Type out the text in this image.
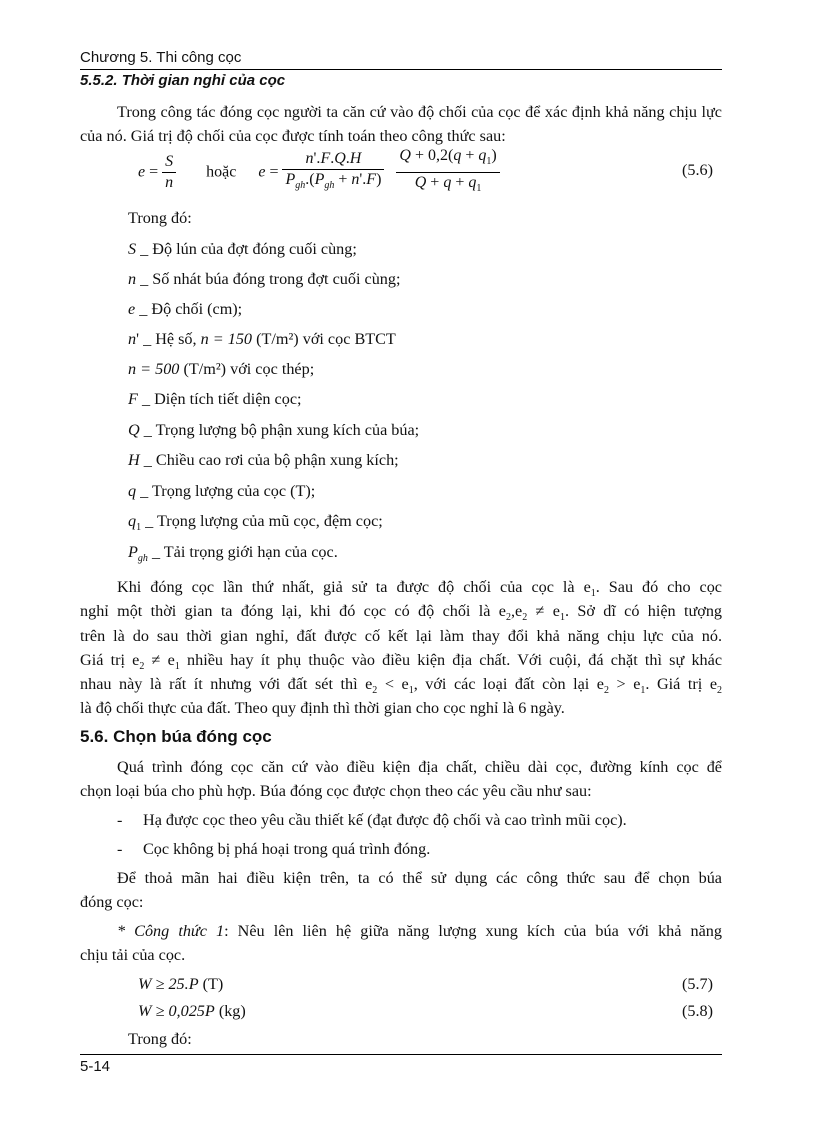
Chương 5. Thi công cọc
5.5.2. Thời gian nghỉ của cọc
Trong công tác đóng cọc người ta căn cứ vào độ chối của cọc để xác định khả năng chịu lực của nó. Giá trị độ chối của cọc được tính toán theo công thức sau:
$e = \frac{S}{n}$ hoặc $e = \frac{n'.F.Q.H}{P_{gh}.(P_{gh} + n'.F)}$
$\frac{Q + 0,2(q + q_1)}{Q + q + q_1}$	(5.6)
Trong đó:
S _ Độ lún của đợt đóng cuối cùng;
n _ Số nhát búa đóng trong đợt cuối cùng;
e _ Độ chối (cm);
n' _ Hệ số, n = 150 (T/m²) với cọc BTCT
n = 500 (T/m²) với cọc thép;
F _ Diện tích tiết diện cọc;
Q _ Trọng lượng bộ phận xung kích của búa;
H _ Chiều cao rơi của bộ phận xung kích;
q _ Trọng lượng của cọc (T);
$q_1$ _ Trọng lượng của mũ cọc, đệm cọc;
$P_{gh}$ _ Tải trọng giới hạn của cọc.
Khi đóng cọc lần thứ nhất, giả sử ta được độ chối của cọc là $e_1$. Sau đó cho cọc
nghỉ một thời gian ta đóng lại, khi đó cọc có độ chối là $e_2,e_2 \ne e_1$. Sở dĩ có hiện tượng
trên là do sau thời gian nghỉ, đất được cố kết lại làm thay đổi khả năng chịu lực của nó.
Giá trị $e_2 \ne e_1$ nhiều hay ít phụ thuộc vào điều kiện địa chất. Với cuội, đá chặt thì sự khác
nhau này là rất ít nhưng với đất sét thì $e_2 < e_1$, với các loại đất còn lại $e_2 > e_1$. Giá trị $e_2$
là độ chối thực của đất. Theo quy định thì thời gian cho cọc nghỉ là 6 ngày.
5.6. Chọn búa đóng cọc
Quá trình đóng cọc căn cứ vào điều kiện địa chất, chiều dài cọc, đường kính cọc để
chọn loại búa cho phù hợp. Búa đóng cọc được chọn theo các yêu cầu như sau:
- Hạ được cọc theo yêu cầu thiết kế (đạt được độ chối và cao trình mũi cọc).
- Cọc không bị phá hoại trong quá trình đóng.
Để thoả mãn hai điều kiện trên, ta có thể sử dụng các công thức sau để chọn búa
đóng cọc:
* Công thức 1: Nêu lên liên hệ giữa năng lượng xung kích của búa với khả năng
chịu tải của cọc.
W ≥ 25.P (T)	(5.7)
W ≥ 0,025P (kg)	(5.8)
Trong đó:
5-14
